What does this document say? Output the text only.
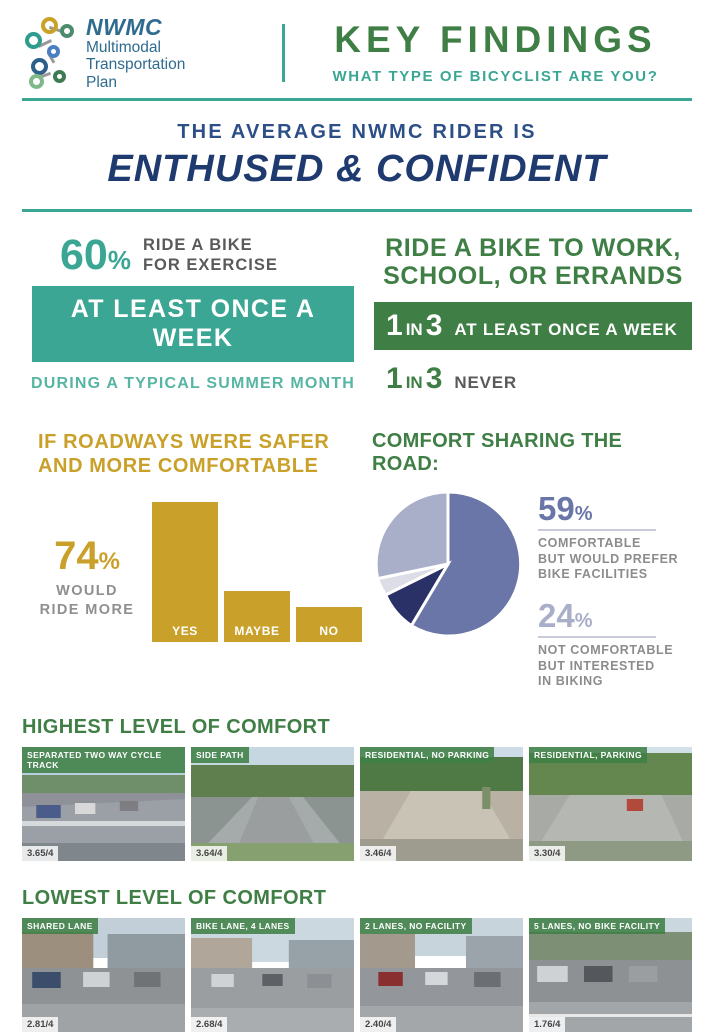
NWMC
Multimodal
Transportation
Plan
KEY FINDINGS
WHAT TYPE OF BICYCLIST ARE YOU?
THE AVERAGE NWMC RIDER IS
ENTHUSED & CONFIDENT
60% RIDE A BIKE
FOR EXERCISE
AT LEAST ONCE A WEEK
DURING A TYPICAL SUMMER MONTH
RIDE A BIKE TO WORK,
SCHOOL, OR ERRANDS
1 IN 3 AT LEAST ONCE A WEEK
1 IN 3 NEVER
IF ROADWAYS WERE SAFER
AND MORE COMFORTABLE
74%
WOULD
RIDE MORE
YES	MAYBE	NO
COMFORT SHARING THE ROAD:
59%
COMFORTABLE
BUT WOULD PREFER
BIKE FACILITIES
24%
NOT COMFORTABLE
BUT INTERESTED
IN BIKING
HIGHEST LEVEL OF COMFORT
SEPARATED TWO WAY CYCLE TRACK
3.65/4
SIDE PATH
3.64/4
RESIDENTIAL, NO PARKING
3.46/4
RESIDENTIAL, PARKING
3.30/4
LOWEST LEVEL OF COMFORT
SHARED LANE
2.81/4
BIKE LANE, 4 LANES
2.68/4
2 LANES, NO FACILITY
2.40/4
5 LANES, NO BIKE FACILITY
1.76/4
